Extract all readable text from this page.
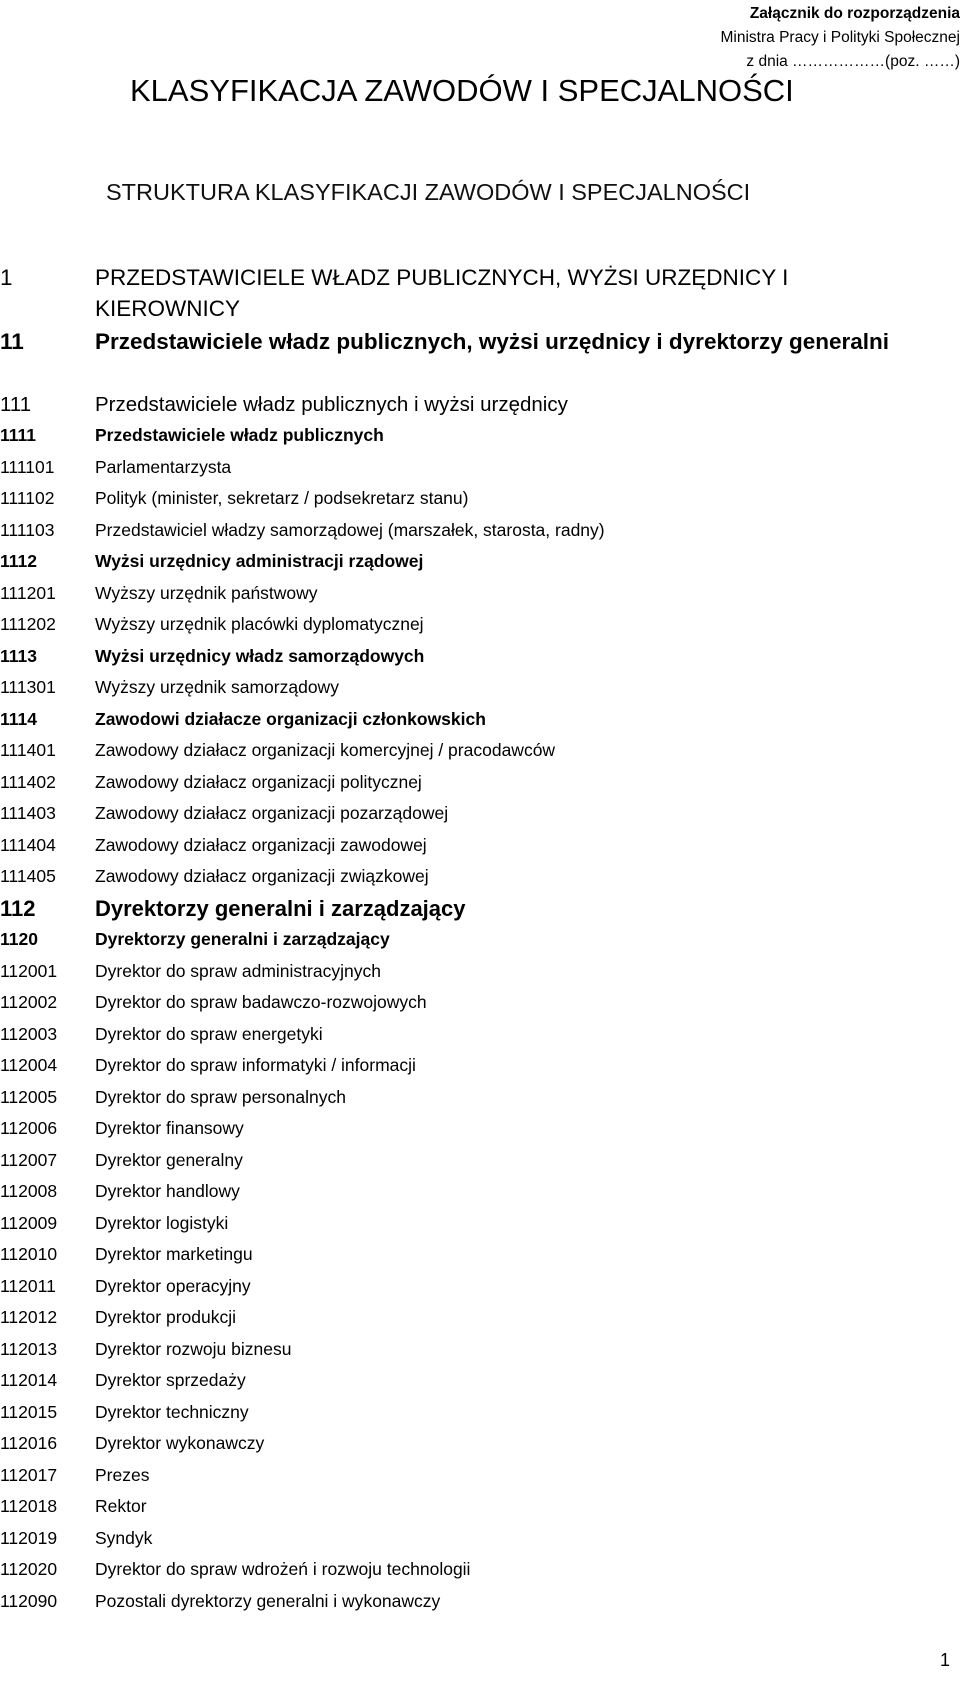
Załącznik do rozporządzenia
Ministra Pracy i Polityki Społecznej
z dnia ………………(poz. ……)
KLASYFIKACJA ZAWODÓW I SPECJALNOŚCI
STRUKTURA KLASYFIKACJI ZAWODÓW I SPECJALNOŚCI
1	PRZEDSTAWICIELE WŁADZ PUBLICZNYCH, WYŻSI URZĘDNICY I KIEROWNICY
11	Przedstawiciele władz publicznych, wyżsi urzędnicy i dyrektorzy generalni
111	Przedstawiciele władz publicznych i wyżsi urzędnicy
1111	Przedstawiciele władz publicznych
111101 Parlamentarzysta
111102 Polityk (minister, sekretarz / podsekretarz stanu)
111103 Przedstawiciel władzy samorządowej (marszałek, starosta, radny)
1112	Wyżsi urzędnicy administracji rządowej
111201 Wyższy urzędnik państwowy
111202 Wyższy urzędnik placówki dyplomatycznej
1113	Wyżsi urzędnicy władz samorządowych
111301 Wyższy urzędnik samorządowy
1114	Zawodowi działacze organizacji członkowskich
111401 Zawodowy działacz organizacji komercyjnej / pracodawców
111402 Zawodowy działacz organizacji politycznej
111403 Zawodowy działacz organizacji pozarządowej
111404 Zawodowy działacz organizacji zawodowej
111405 Zawodowy działacz organizacji związkowej
112	Dyrektorzy generalni i zarządzający
1120	Dyrektorzy generalni i zarządzający
112001 Dyrektor do spraw administracyjnych
112002 Dyrektor do spraw badawczo-rozwojowych
112003 Dyrektor do spraw energetyki
112004 Dyrektor do spraw informatyki / informacji
112005 Dyrektor do spraw personalnych
112006 Dyrektor finansowy
112007 Dyrektor generalny
112008 Dyrektor handlowy
112009 Dyrektor logistyki
112010 Dyrektor marketingu
112011 Dyrektor operacyjny
112012 Dyrektor produkcji
112013 Dyrektor rozwoju biznesu
112014 Dyrektor sprzedaży
112015 Dyrektor techniczny
112016 Dyrektor wykonawczy
112017 Prezes
112018 Rektor
112019 Syndyk
112020 Dyrektor do spraw wdrożeń i rozwoju technologii
112090 Pozostali dyrektorzy generalni i wykonawczy
1
